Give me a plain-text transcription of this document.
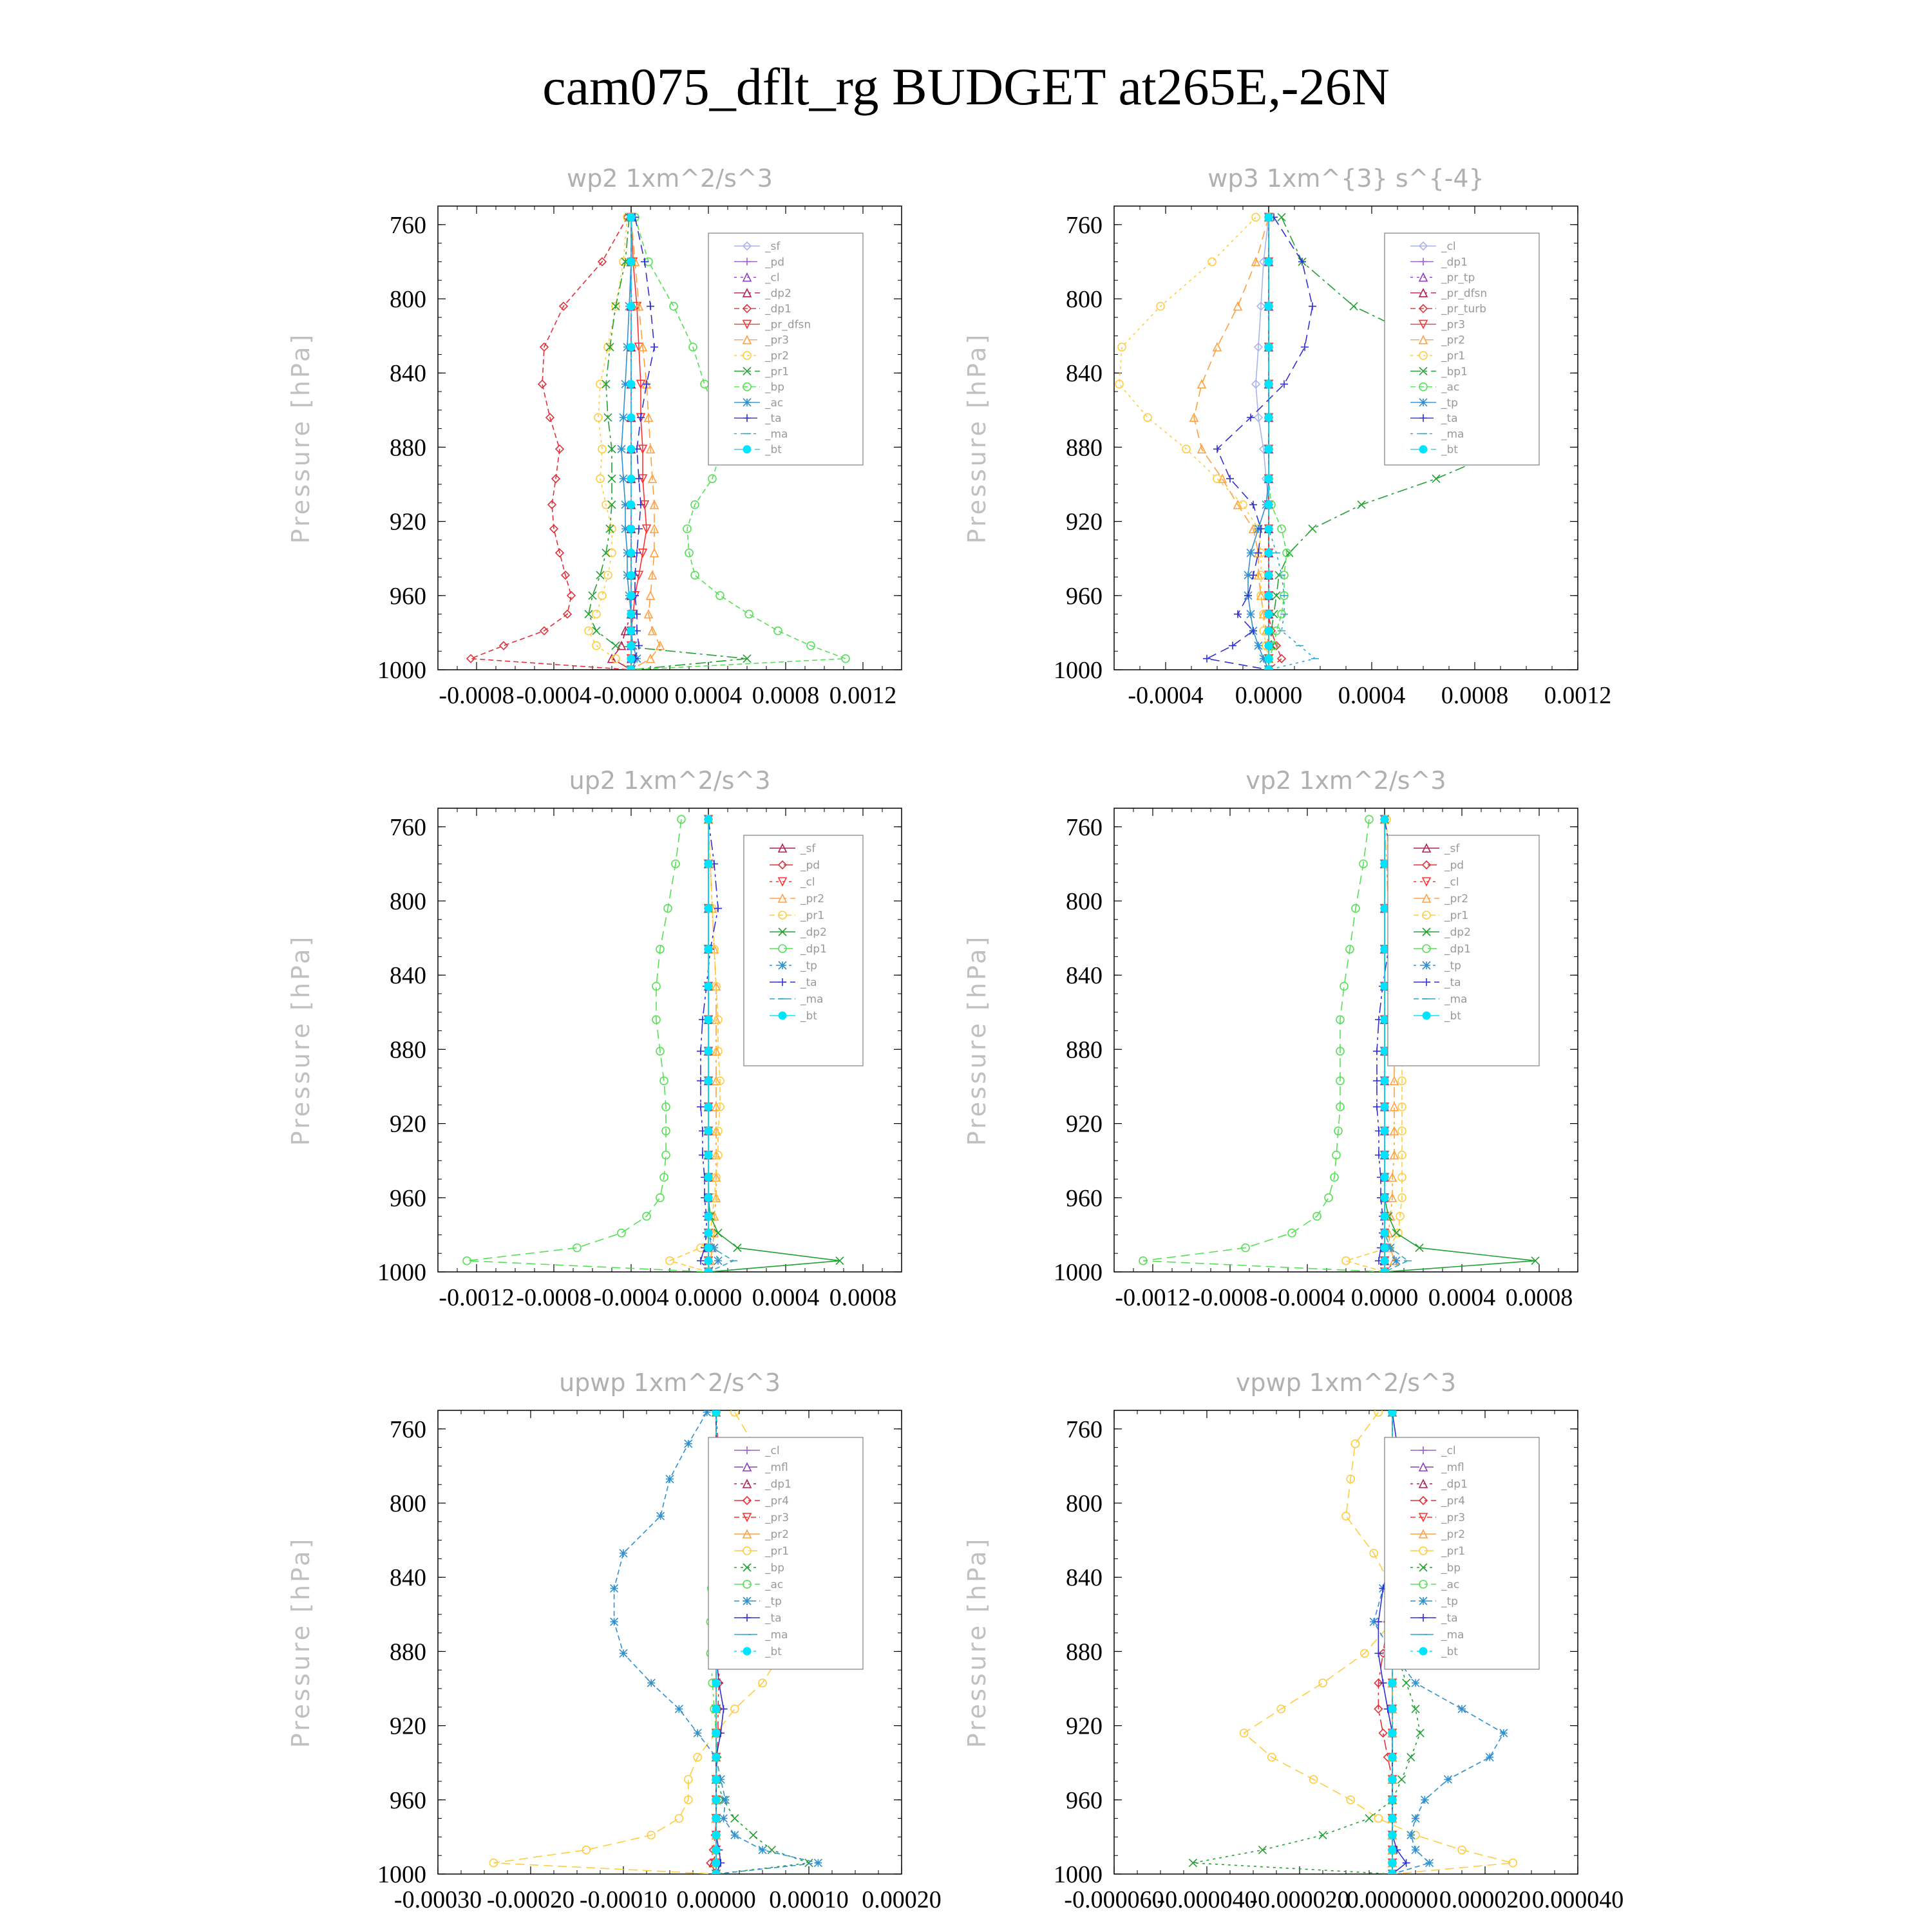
cam075_dflt_rg BUDGET at265E,-26N
wp2 1xm^2/s^3
Pressure [hPa]
760
800
840
880
920
960
1000
-0.0008 -0.0004 -0.0000 0.0004 0.0008 0.0012
_sf
_pd
_cl
_dp2
_dp1
_pr_dfsn
_pr3
_pr2
_pr1
_bp
_ac
_ta
_ma
_bt
wp3 1xm^{3} s^{-4}
Pressure [hPa]
760
800
840
880
920
960
1000
-0.0004 0.0000 0.0004 0.0008 0.0012
_cl
_dp1
_pr_tp
_pr_dfsn
_pr_turb
_pr3
_pr2
_pr1
_bp1
_ac
_tp
_ta
_ma
_bt
up2 1xm^2/s^3
Pressure [hPa]
760
800
840
880
920
960
1000
-0.0012 -0.0008 -0.0004 0.0000 0.0004 0.0008
_sf
_pd
_cl
_pr2
_pr1
_dp2
_dp1
_tp
_ta
_ma
_bt
vp2 1xm^2/s^3
Pressure [hPa]
760
800
840
880
920
960
1000
-0.0012 -0.0008 -0.0004 0.0000 0.0004 0.0008
_sf
_pd
_cl
_pr2
_pr1
_dp2
_dp1
_tp
_ta
_ma
_bt
upwp 1xm^2/s^3
Pressure [hPa]
760
800
840
880
920
960
1000
-0.00030 -0.00020 -0.00010 0.00000 0.00010 0.00020
_cl
_mfl
_dp1
_pr4
_pr3
_pr2
_pr1
_bp
_ac
_tp
_ta
_ma
_bt
vpwp 1xm^2/s^3
Pressure [hPa]
760
800
840
880
920
960
1000
-0.000060
-0.000040
-0.000020
0.000000 0.000020 0.000040
_cl
_mfl
_dp1
_pr4
_pr3
_pr2
_pr1
_bp
_ac
_tp
_ta
_ma
_bt
